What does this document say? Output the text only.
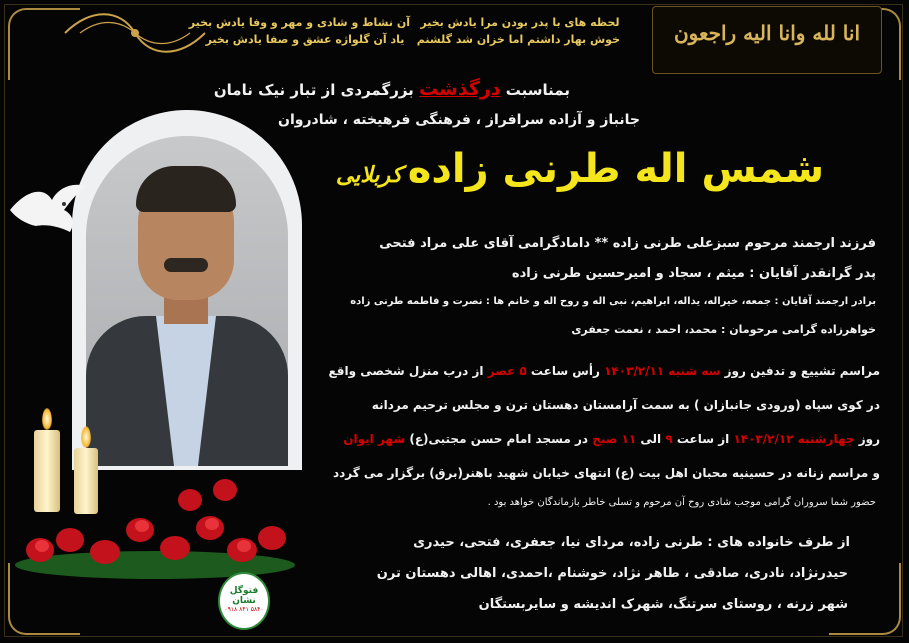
لحظه های با پدر بودن مرا یادش بخیر
خوش بهار داشتم اما خزان شد گلشنم
آن نشاط و شادی و مهر و وفا یادش بخیر
یاد آن گلواژه عشق و صفا یادش بخیر	انا لله وانا الیه راجعون
بمناسبت درگذشت بزرگمردی از تبار نیک نامان
جانباز و آزاده سرافراز ، فرهنگی فرهیخته ، شادروان
شمس اله طرنی زاده کربلایی
فرزند ارجمند مرحوم سبزعلی طرنی زاده ** دامادگرامی آقای علی مراد فتحی
پدر گرانقدر آقایان : میثم ، سجاد و امیرحسین طرنی زاده
برادر ارجمند آقایان : جمعه، خیراله، یداله، ابراهیم، نبی اله و روح اله و خانم ها : نصرت و فاطمه طرنی زاده
خواهرزاده گرامی مرحومان : محمد، احمد ، نعمت جعفری
مراسم تشییع و تدفین روز سه شنبه ۱۴۰۳/۲/۱۱ رأس ساعت ۵ عصر از درب منزل شخصی واقع
در کوی سپاه (ورودی جانبازان ) به سمت آرامستان دهستان ترن و مجلس ترحیم مردانه
روز چهارشنبه ۱۴۰۳/۲/۱۲ از ساعت ۹ الی ۱۱ صبح در مسجد امام حسن مجتبی(ع) شهر ایوان
و مراسم زنانه در حسینیه محبان اهل بیت (ع) انتهای خیابان شهید باهنر(برق) برگزار می گردد
حضور شما سروران گرامی موجب شادی روح آن مرحوم و تسلی خاطر بازماندگان خواهد بود .
از طرف خانواده های : طرنی زاده، مردای نیا، جعفری، فتحی، حیدری
حیدرنژاد، نادری، صادقی ، طاهر نژاد، خوشنام ،احمدی، اهالی دهستان ترن
شهر زرنه ، روستای سرتنگ، شهرک اندیشه و سایربستگان
فتوگل نشان
۰۹۱۸ ۸۴۱ ۵۸۴۰
